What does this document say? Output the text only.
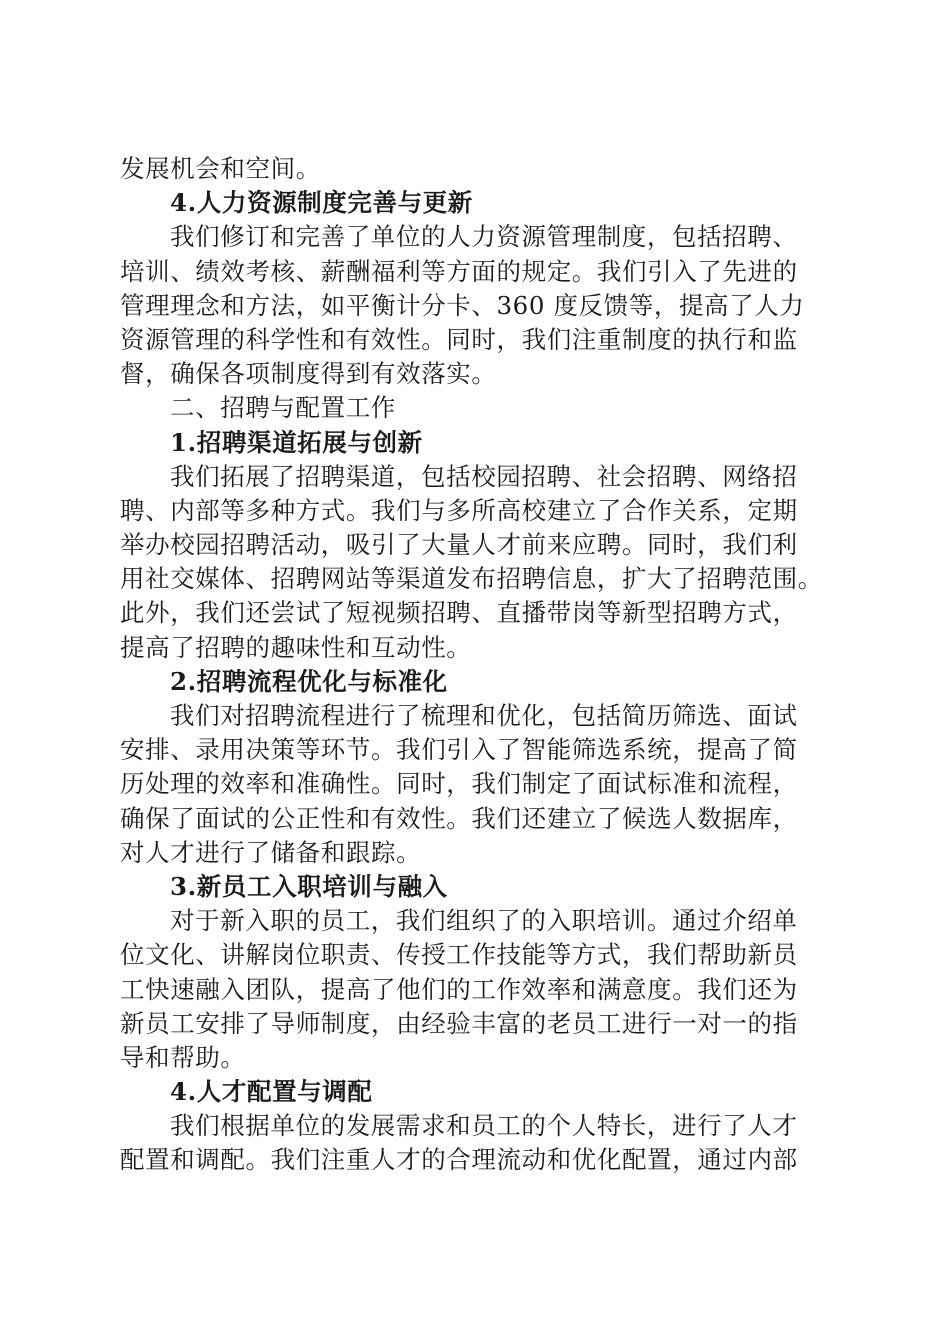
发展机会和空间。
4.人力资源制度完善与更新
我们修订和完善了单位的人力资源管理制度，包括招聘、
培训、绩效考核、薪酬福利等方面的规定。我们引入了先进的
管理理念和方法，如平衡计分卡、360 度反馈等，提高了人力
资源管理的科学性和有效性。同时，我们注重制度的执行和监
督，确保各项制度得到有效落实。
二、招聘与配置工作
1.招聘渠道拓展与创新
我们拓展了招聘渠道，包括校园招聘、社会招聘、网络招
聘、内部等多种方式。我们与多所高校建立了合作关系，定期
举办校园招聘活动，吸引了大量人才前来应聘。同时，我们利
用社交媒体、招聘网站等渠道发布招聘信息，扩大了招聘范围。
此外，我们还尝试了短视频招聘、直播带岗等新型招聘方式，
提高了招聘的趣味性和互动性。
2.招聘流程优化与标准化
我们对招聘流程进行了梳理和优化，包括简历筛选、面试
安排、录用决策等环节。我们引入了智能筛选系统，提高了简
历处理的效率和准确性。同时，我们制定了面试标准和流程，
确保了面试的公正性和有效性。我们还建立了候选人数据库，
对人才进行了储备和跟踪。
3.新员工入职培训与融入
对于新入职的员工，我们组织了的入职培训。通过介绍单
位文化、讲解岗位职责、传授工作技能等方式，我们帮助新员
工快速融入团队，提高了他们的工作效率和满意度。我们还为
新员工安排了导师制度，由经验丰富的老员工进行一对一的指
导和帮助。
4.人才配置与调配
我们根据单位的发展需求和员工的个人特长，进行了人才
配置和调配。我们注重人才的合理流动和优化配置，通过内部
